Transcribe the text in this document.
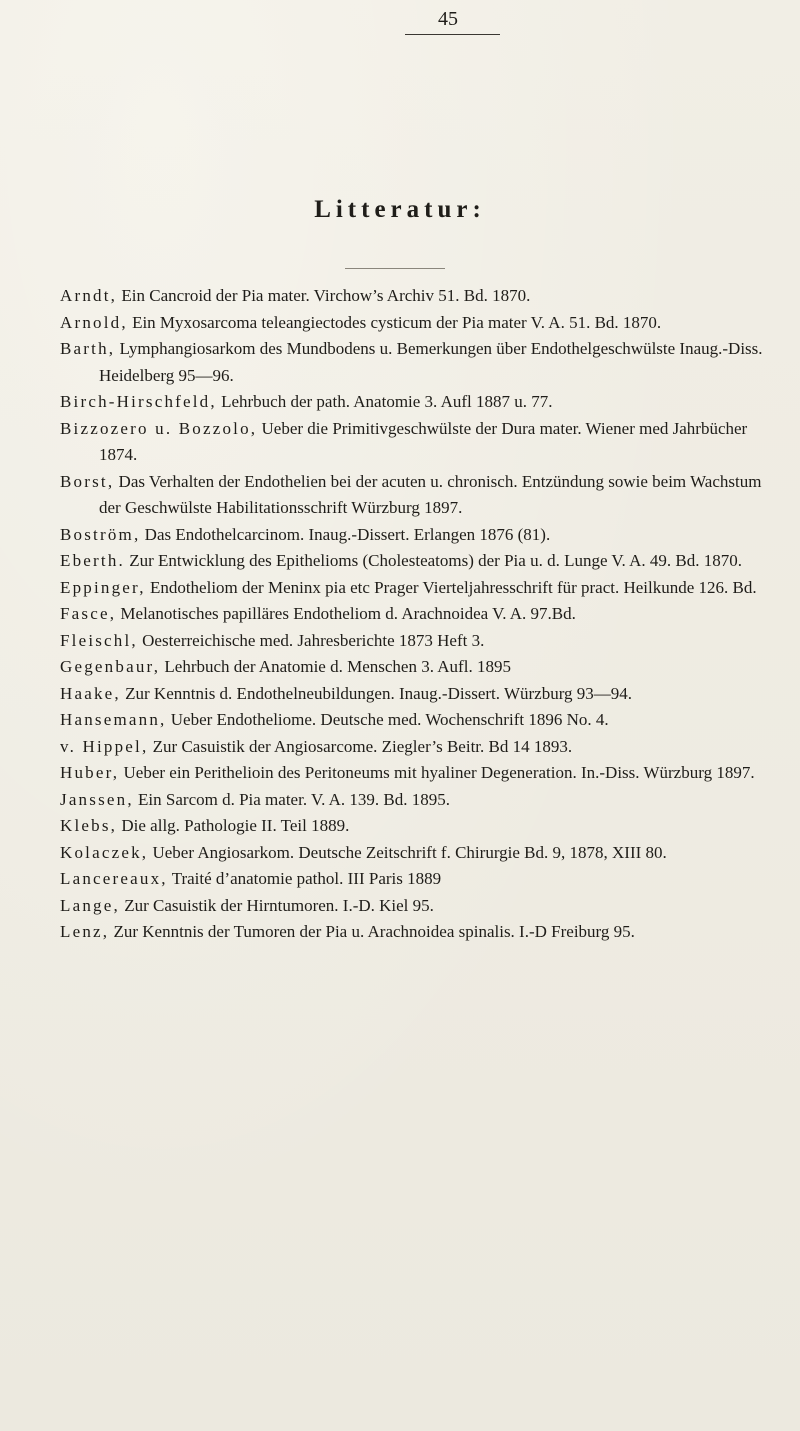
45
Litteratur:

Arndt, Ein Cancroid der Pia mater. Virchow’s Archiv 51. Bd. 1870.

Arnold, Ein Myxosarcoma teleangiectodes cysticum der Pia mater V. A. 51. Bd. 1870.

Barth, Lymphangiosarkom des Mundbodens u. Bemerkungen über Endothelgeschwülste Inaug.-Diss. Heidelberg 95—96.

Birch-Hirschfeld, Lehrbuch der path. Anatomie 3. Aufl 1887 u. 77.

Bizzozero u. Bozzolo, Ueber die Primitivgeschwülste der Dura mater. Wiener med Jahrbücher 1874.

Borst, Das Verhalten der Endothelien bei der acuten u. chronisch. Entzündung sowie beim Wachstum der Geschwülste Habilitationsschrift Würzburg 1897.

Boström, Das Endothelcarcinom. Inaug.-Dissert. Erlangen 1876 (81).

Eberth. Zur Entwicklung des Epithelioms (Cholesteatoms) der Pia u. d. Lunge V. A. 49. Bd. 1870.

Eppinger, Endotheliom der Meninx pia etc Prager Vierteljahresschrift für pract. Heilkunde 126. Bd.

Fasce, Melanotisches papilläres Endotheliom d. Arachnoidea V. A. 97.Bd.

Fleischl, Oesterreichische med. Jahresberichte 1873 Heft 3.

Gegenbaur, Lehrbuch der Anatomie d. Menschen 3. Aufl. 1895

Haake, Zur Kenntnis d. Endothelneubildungen. Inaug.-Dissert. Würzburg 93—94.

Hansemann, Ueber Endotheliome. Deutsche med. Wochenschrift 1896 No. 4.

v. Hippel, Zur Casuistik der Angiosarcome. Ziegler’s Beitr. Bd 14 1893.

Huber, Ueber ein Perithelioin des Peritoneums mit hyaliner Degeneration. In.-Diss. Würzburg 1897.

Janssen, Ein Sarcom d. Pia mater. V. A. 139. Bd. 1895.

Klebs, Die allg. Pathologie II. Teil 1889.

Kolaczek, Ueber Angiosarkom. Deutsche Zeitschrift f. Chirurgie Bd. 9, 1878, XIII 80.

Lancereaux, Traité d’anatomie pathol. III Paris 1889

Lange, Zur Casuistik der Hirntumoren. I.-D. Kiel 95.

Lenz, Zur Kenntnis der Tumoren der Pia u. Arachnoidea spinalis. I.-D Freiburg 95.
